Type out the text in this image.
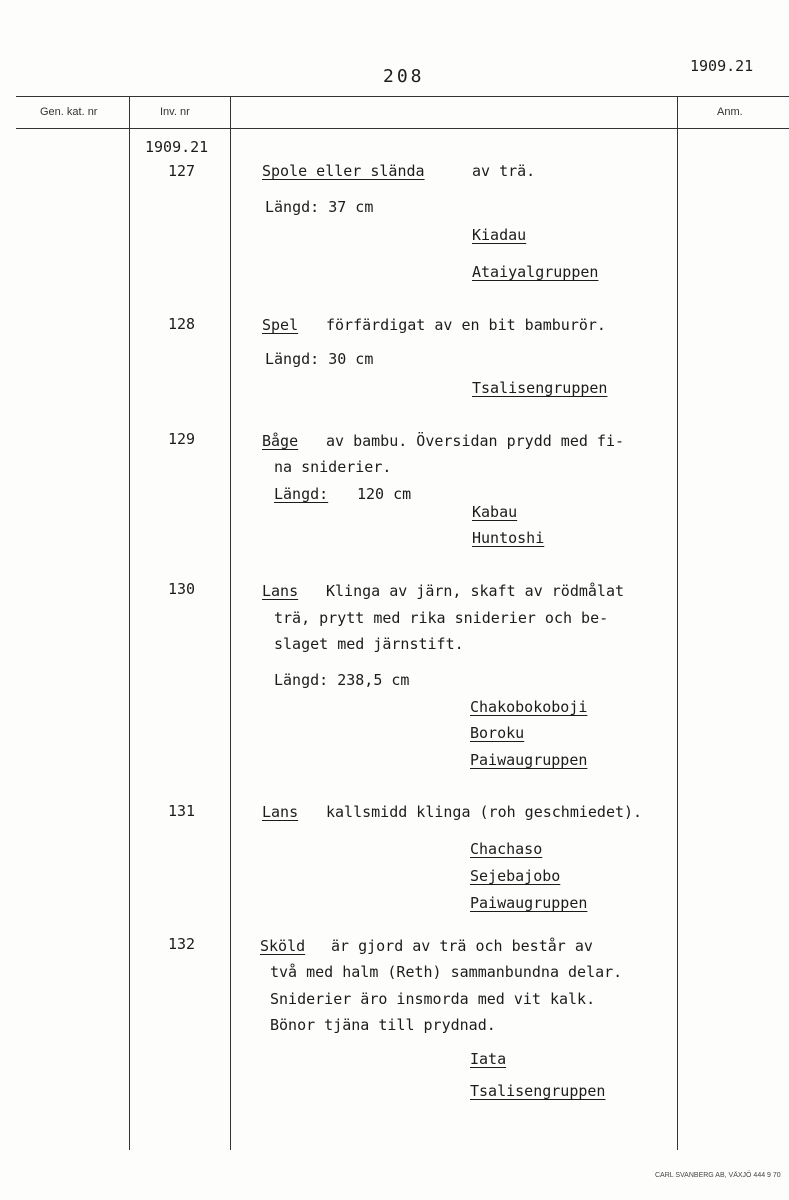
208	1909.21
Gen. kat. nr	Inv. nr	Anm.
1909.21
127	Spole eller slända	av trä.
Längd: 37 cm
Kiadau
Ataiyalgruppen
128	Spel förfärdigat av en bit bamburör.
Längd: 30 cm
Tsalisengruppen
129	Båge av bambu. Översidan prydd med fi-
na sniderier.
Längd: 120 cm
Kabau
Huntoshi
130	Lans Klinga av järn, skaft av rödmålat
trä, prytt med rika sniderier och be-
slaget med järnstift.
Längd: 238,5 cm
Chakobokoboji
Boroku
Paiwaugruppen
131	Lans kallsmidd klinga (roh geschmiedet).
Chachaso
Sejebajobo
Paiwaugruppen
132	Sköld är gjord av trä och består av
två med halm (Reth) sammanbundna delar.
Sniderier äro insmorda med vit kalk.
Bönor tjäna till prydnad.
Iata
Tsalisengruppen
CARL SVANBERG AB, VÄXJÖ 444 9 70
